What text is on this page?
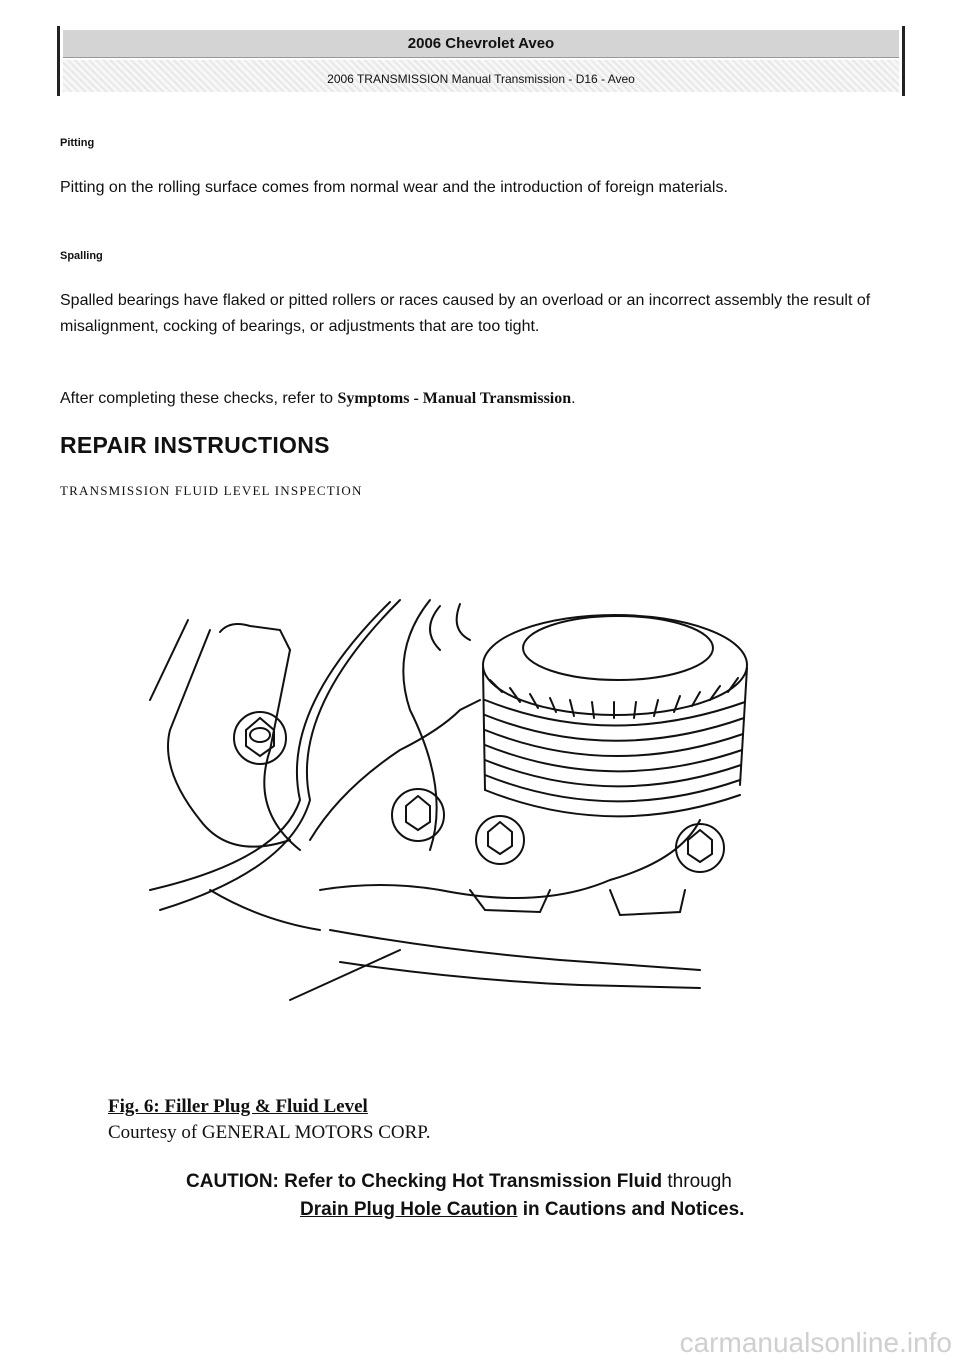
2006 Chevrolet Aveo
2006 TRANSMISSION Manual Transmission - D16 - Aveo
Pitting
Pitting on the rolling surface comes from normal wear and the introduction of foreign materials.
Spalling
Spalled bearings have flaked or pitted rollers or races caused by an overload or an incorrect assembly the result of misalignment, cocking of bearings, or adjustments that are too tight.
After completing these checks, refer to Symptoms - Manual Transmission.
REPAIR INSTRUCTIONS
TRANSMISSION FLUID LEVEL INSPECTION
Fig. 6: Filler Plug & Fluid Level
Courtesy of GENERAL MOTORS CORP.
CAUTION: Refer to Checking Hot Transmission Fluid through
Drain Plug Hole Caution in Cautions and Notices.
carmanualsonline.info
